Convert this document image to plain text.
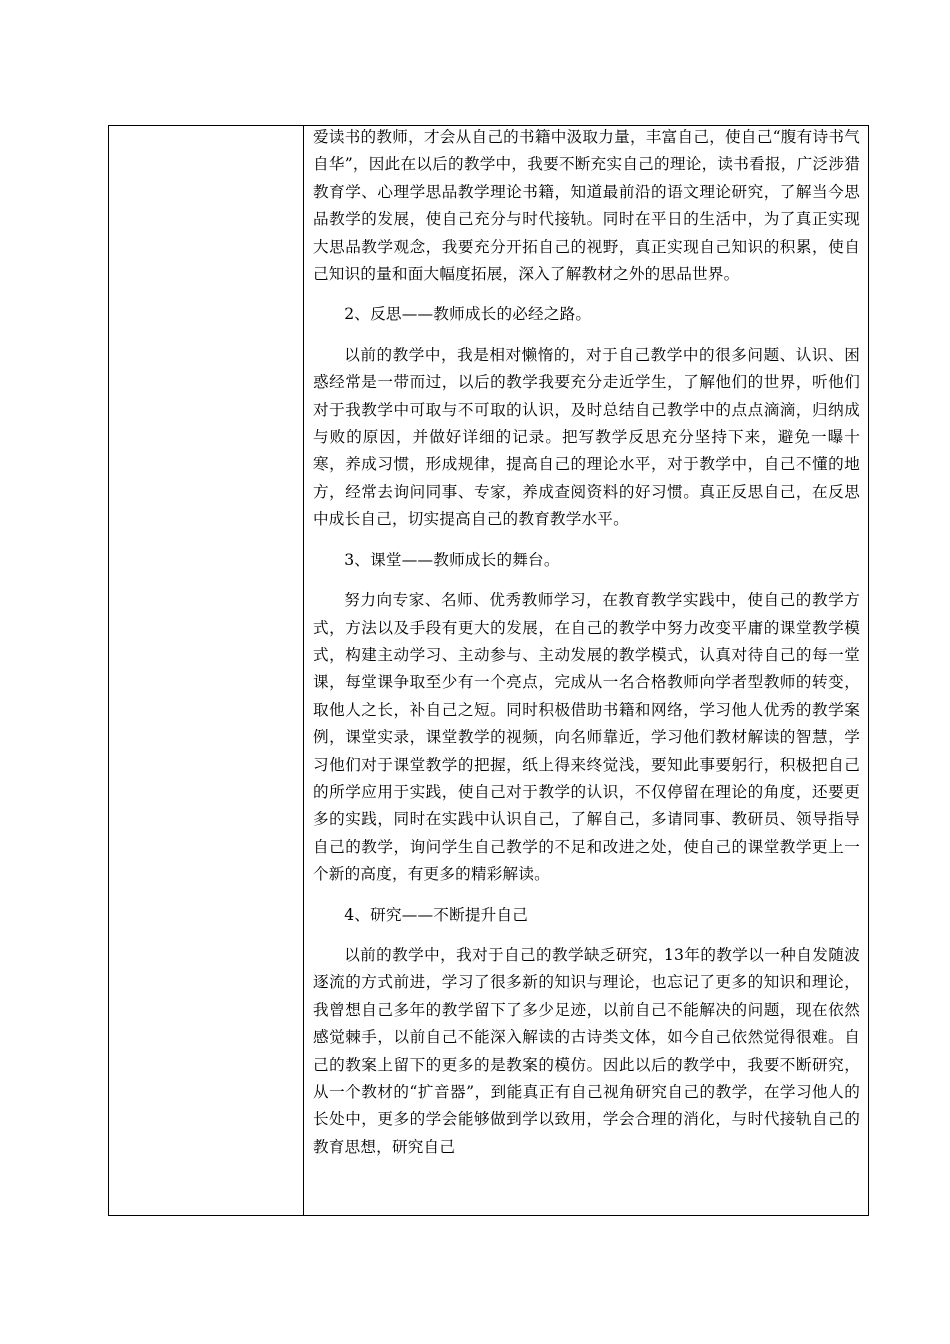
爱读书的教师，才会从自己的书籍中汲取力量，丰富自己，使自己“腹有诗书气自华”，因此在以后的教学中，我要不断充实自己的理论，读书看报，广泛涉猎教育学、心理学思品教学理论书籍，知道最前沿的语文理论研究，了解当今思品教学的发展，使自己充分与时代接轨。同时在平日的生活中，为了真正实现大思品教学观念，我要充分开拓自己的视野，真正实现自己知识的积累，使自己知识的量和面大幅度拓展，深入了解教材之外的思品世界。

2、反思——教师成长的必经之路。

以前的教学中，我是相对懒惰的，对于自己教学中的很多问题、认识、困惑经常是一带而过，以后的教学我要充分走近学生，了解他们的世界，听他们对于我教学中可取与不可取的认识，及时总结自己教学中的点点滴滴，归纳成与败的原因，并做好详细的记录。把写教学反思充分坚持下来，避免一曝十寒，养成习惯，形成规律，提高自己的理论水平，对于教学中，自己不懂的地方，经常去询问同事、专家，养成查阅资料的好习惯。真正反思自己，在反思中成长自己，切实提高自己的教育教学水平。

3、课堂——教师成长的舞台。

努力向专家、名师、优秀教师学习，在教育教学实践中，使自己的教学方式，方法以及手段有更大的发展，在自己的教学中努力改变平庸的课堂教学模式，构建主动学习、主动参与、主动发展的教学模式，认真对待自己的每一堂课，每堂课争取至少有一个亮点，完成从一名合格教师向学者型教师的转变，取他人之长，补自己之短。同时积极借助书籍和网络，学习他人优秀的教学案例，课堂实录，课堂教学的视频，向名师靠近，学习他们教材解读的智慧，学习他们对于课堂教学的把握，纸上得来终觉浅，要知此事要躬行，积极把自己的所学应用于实践，使自己对于教学的认识，不仅停留在理论的角度，还要更多的实践，同时在实践中认识自己，了解自己，多请同事、教研员、领导指导自己的教学，询问学生自己教学的不足和改进之处，使自己的课堂教学更上一个新的高度，有更多的精彩解读。

4、研究——不断提升自己

以前的教学中，我对于自己的教学缺乏研究，13年的教学以一种自发随波逐流的方式前进，学习了很多新的知识与理论，也忘记了更多的知识和理论，我曾想自己多年的教学留下了多少足迹，以前自己不能解决的问题，现在依然感觉棘手，以前自己不能深入解读的古诗类文体，如今自己依然觉得很难。自己的教案上留下的更多的是教案的模仿。因此以后的教学中，我要不断研究，从一个教材的“扩音器”，到能真正有自己视角研究自己的教学，在学习他人的长处中，更多的学会能够做到学以致用，学会合理的消化，与时代接轨自己的教育思想，研究自己
